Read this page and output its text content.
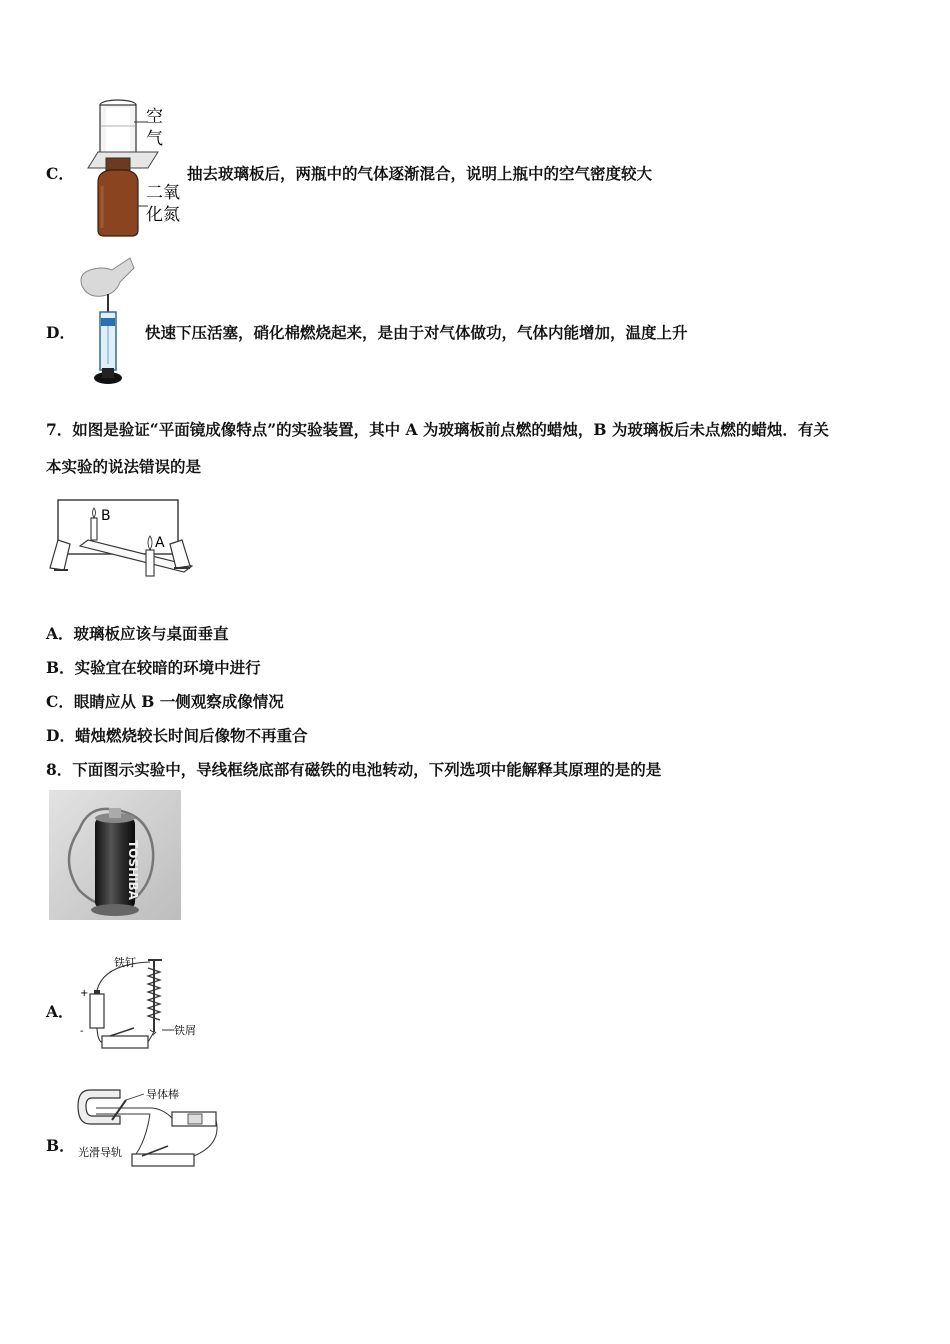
C．
空
气
二氧
化氮
抽去玻璃板后，两瓶中的气体逐渐混合，说明上瓶中的空气密度较大
D．	快速下压活塞，硝化棉燃烧起来，是由于对气体做功，气体内能增加，温度上升
7．如图是验证“平面镜成像特点”的实验装置，其中 A 为玻璃板前点燃的蜡烛，B 为玻璃板后未点燃的蜡烛．有关
本实验的说法错误的是
B
A
A．玻璃板应该与桌面垂直
B．实验宜在较暗的环境中进行
C．眼睛应从 B 一侧观察成像情况
D．蜡烛燃烧较长时间后像物不再重合
8．下面图示实验中，导线框绕底部有磁铁的电池转动，下列选项中能解释其原理的是的是
TOSHIBA
A．
+
-
铁钉
铁屑
B．
导体棒
光滑导轨
